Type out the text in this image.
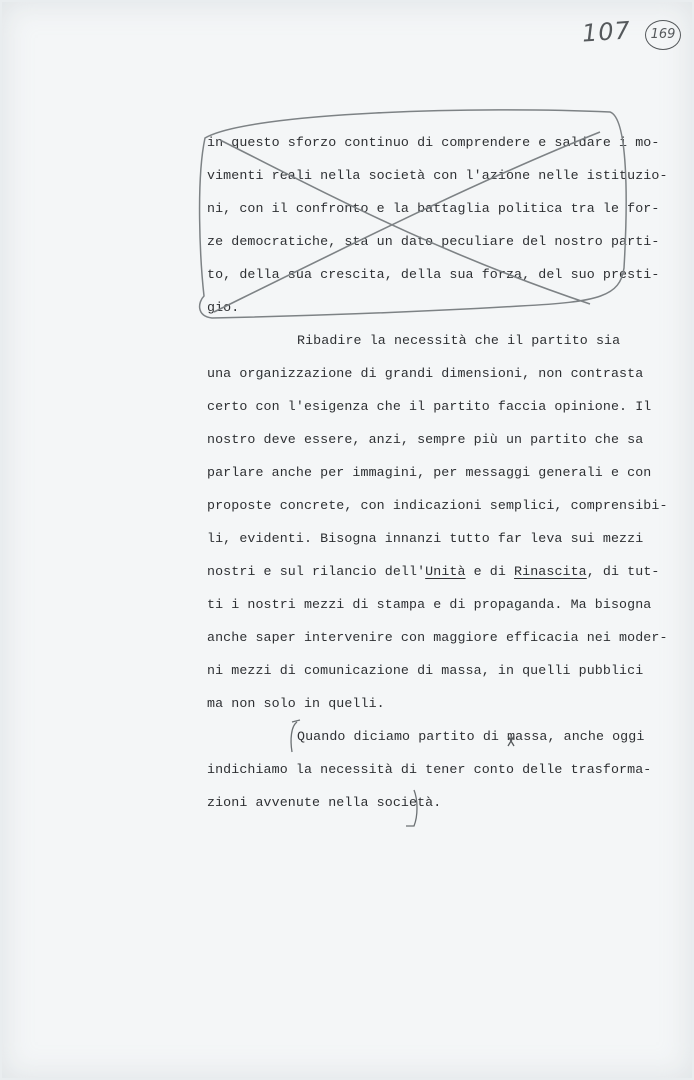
107	169
in questo sforzo continuo di comprendere e saldare i mo-
vimenti reali nella società con l'azione nelle istituzio-
ni, con il confronto e la battaglia politica tra le for-
ze democratiche, sta un dato peculiare del nostro parti-
to, della sua crescita, della sua forza, del suo presti-
gio.
Ribadire la necessità che il partito sia
una organizzazione di grandi dimensioni, non contrasta
certo con l'esigenza che il partito faccia opinione. Il
nostro deve essere, anzi, sempre più un partito che sa
parlare anche per immagini, per messaggi generali e con
proposte concrete, con indicazioni semplici, comprensibi-
li, evidenti. Bisogna innanzi tutto far leva sui mezzi
nostri e sul rilancio dell'Unità e di Rinascita, di tut-
ti i nostri mezzi di stampa e di propaganda. Ma bisogna
anche saper intervenire con maggiore efficacia nei moder-
ni mezzi di comunicazione di massa, in quelli pubblici
ma non solo in quelli.
Quando diciamo partito di massa, anche oggi
indichiamo la necessità di tener conto delle trasforma-
zioni avvenute nella società.
